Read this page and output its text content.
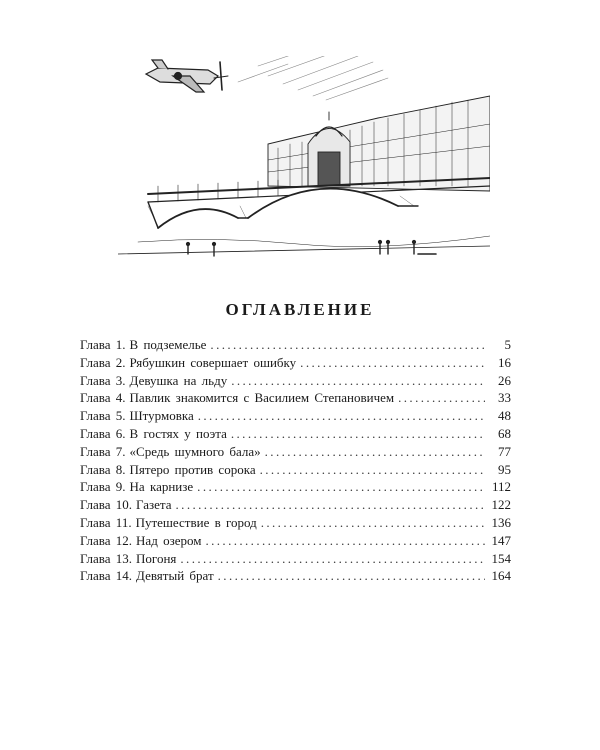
ОГЛАВЛЕНИЕ
Глава 1. В подземелье .....	5
Глава 2. Рябушкин совершает ошибку .....	16
Глава 3. Девушка на льду .....	26
Глава 4. Павлик знакомится с Василием Степановичем .....	33
Глава 5. Штурмовка .....	48
Глава 6. В гостях у поэта .....	68
Глава 7. «Средь шумного бала» .....	77
Глава 8. Пятеро против сорока .....	95
Глава 9. На карнизе .....	112
Глава 10. Газета .....	122
Глава 11. Путешествие в город .....	136
Глава 12. Над озером .....	147
Глава 13. Погоня .....	154
Глава 14. Девятый брат .....	164
